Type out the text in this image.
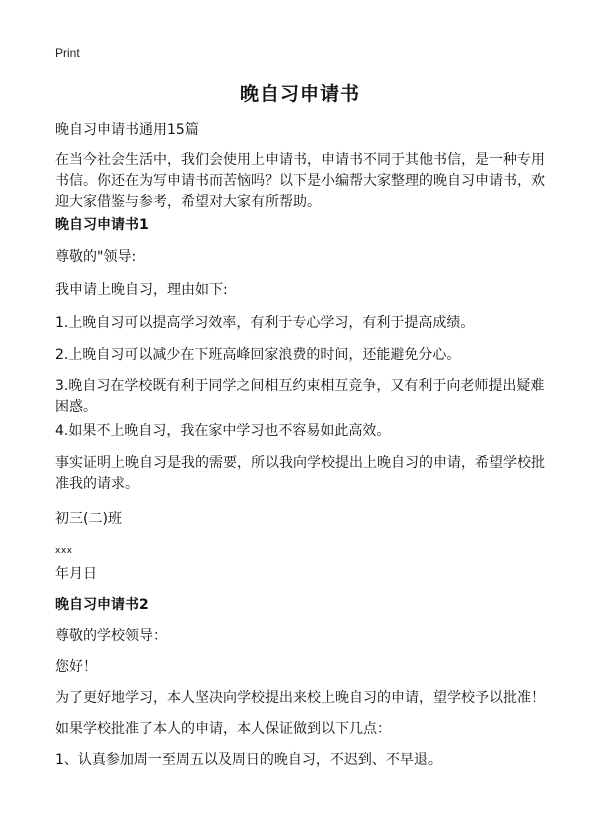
Print
晚自习申请书

晚自习申请书通用15篇

在当今社会生活中，我们会使用上申请书，申请书不同于其他书信，是一种专用书信。你还在为写申请书而苦恼吗？以下是小编帮大家整理的晚自习申请书，欢迎大家借鉴与参考，希望对大家有所帮助。

晚自习申请书1

尊敬的"领导:

我申请上晚自习，理由如下:

1.上晚自习可以提高学习效率，有利于专心学习，有利于提高成绩。

2.上晚自习可以减少在下班高峰回家浪费的时间，还能避免分心。

3.晚自习在学校既有利于同学之间相互约束相互竞争，又有利于向老师提出疑难困惑。

4.如果不上晚自习，我在家中学习也不容易如此高效。

事实证明上晚自习是我的需要，所以我向学校提出上晚自习的申请，希望学校批准我的请求。

初三(二)班

xxx

年月日

晚自习申请书2

尊敬的学校领导：

您好！

为了更好地学习，本人坚决向学校提出来校上晚自习的申请，望学校予以批准！

如果学校批准了本人的申请，本人保证做到以下几点：

1、认真参加周一至周五以及周日的晚自习，不迟到、不早退。
